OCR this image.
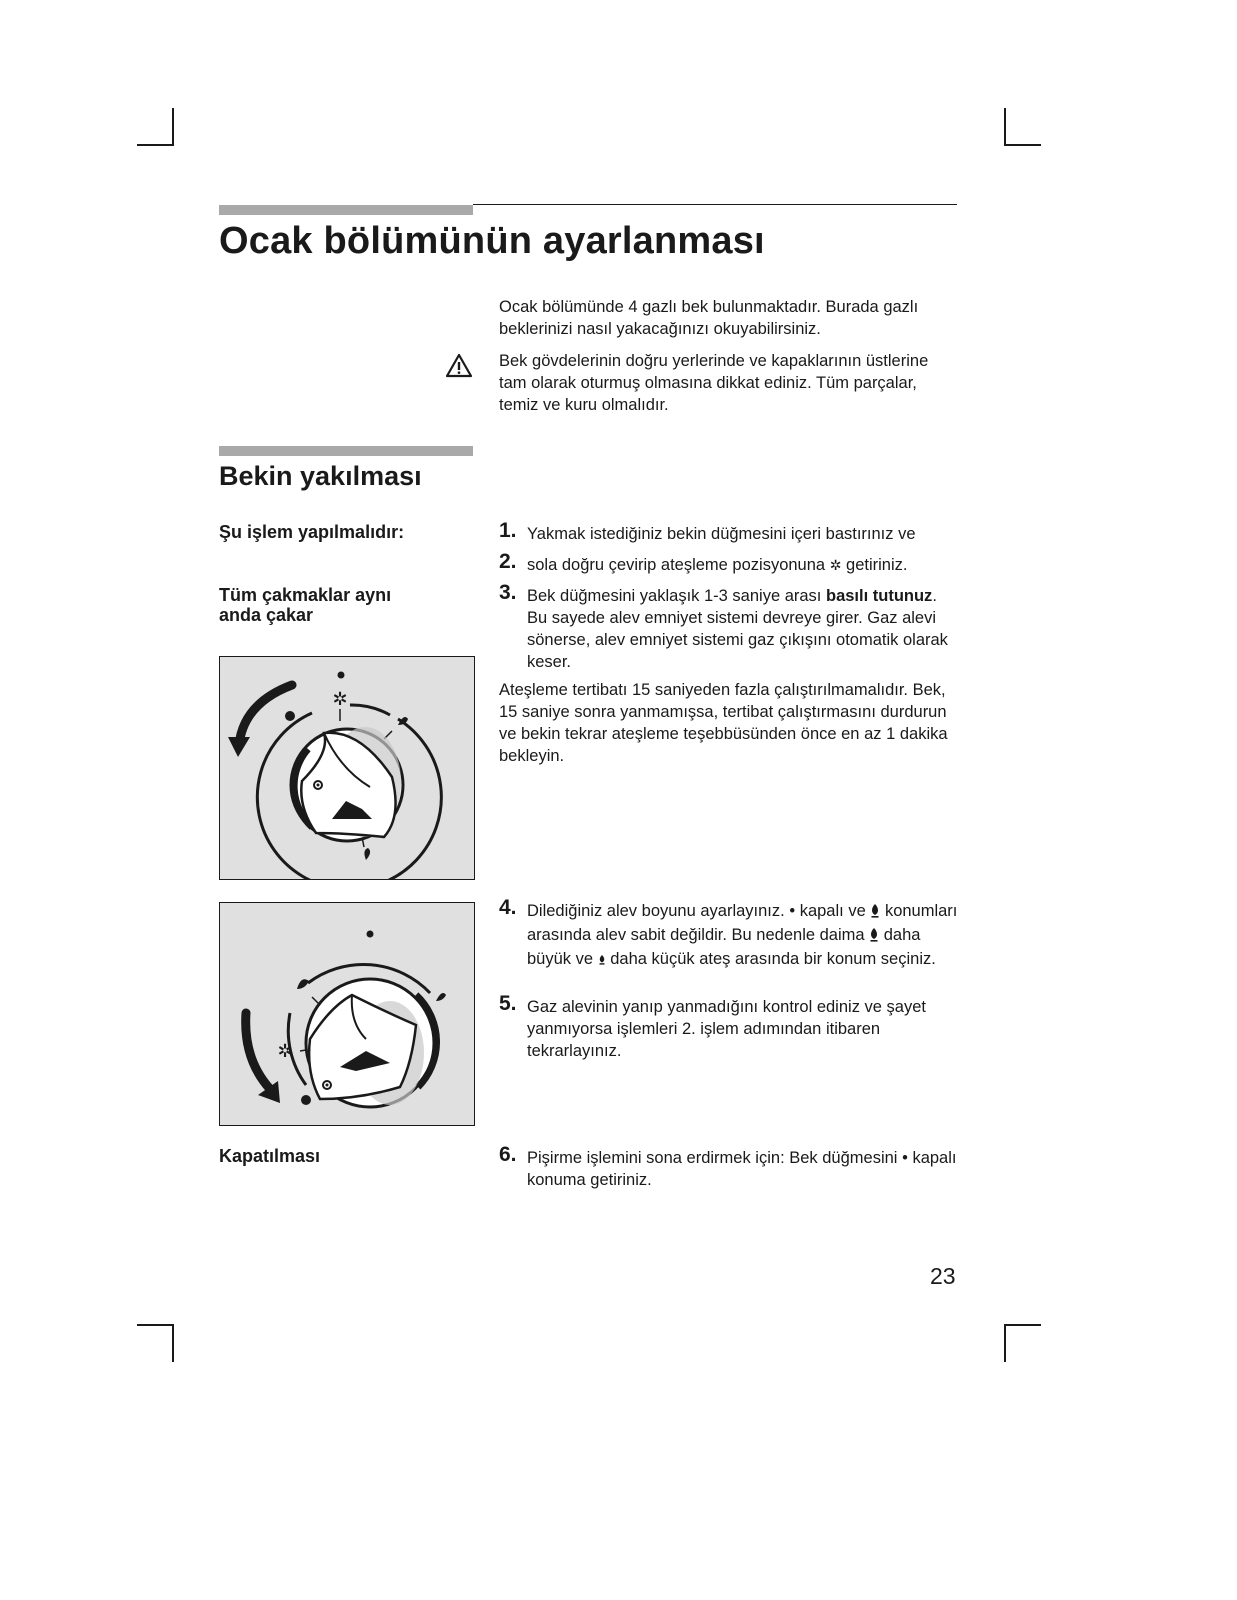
Ocak bölümünün ayarlanması
Ocak bölümünde 4 gazlı bek bulunmaktadır. Burada gazlı beklerinizi nasıl yakacağınızı okuyabilirsiniz.
Bek gövdelerinin doğru yerlerinde ve kapaklarının üstlerine tam olarak oturmuş olmasına dikkat ediniz. Tüm parçalar, temiz ve kuru olmalıdır.
Bekin yakılması
Şu işlem yapılmalıdır:
Tüm çakmaklar aynı
anda çakar
1. Yakmak istediğiniz bekin düğmesini içeri bastırınız ve
2. sola doğru çevirip ateşleme pozisyonuna ✲ getiriniz.
3. Bek düğmesini yaklaşık 1-3 saniye arası basılı tutunuz. Bu sayede alev emniyet sistemi devreye girer. Gaz alevi sönerse, alev emniyet sistemi gaz çıkışını otomatik olarak keser.
Ateşleme tertibatı 15 saniyeden fazla çalıştırılmamalıdır. Bek, 15 saniye sonra yanmamışsa, tertibat çalıştırmasını durdurun ve bekin tekrar ateşleme teşebbüsünden önce en az 1 dakika bekleyin.
✲
✲
4. Dilediğiniz alev boyunu ayarlayınız. • kapalı ve konumları arasında alev sabit değildir. Bu nedenle daima daha büyük ve daha küçük ateş arasında bir konum seçiniz.
5. Gaz alevinin yanıp yanmadığını kontrol ediniz ve şayet yanmıyorsa işlemleri 2. işlem adımından itibaren tekrarlayınız.
Kapatılması	6. Pişirme işlemini sona erdirmek için: Bek düğmesini • kapalı konuma getiriniz.
23
